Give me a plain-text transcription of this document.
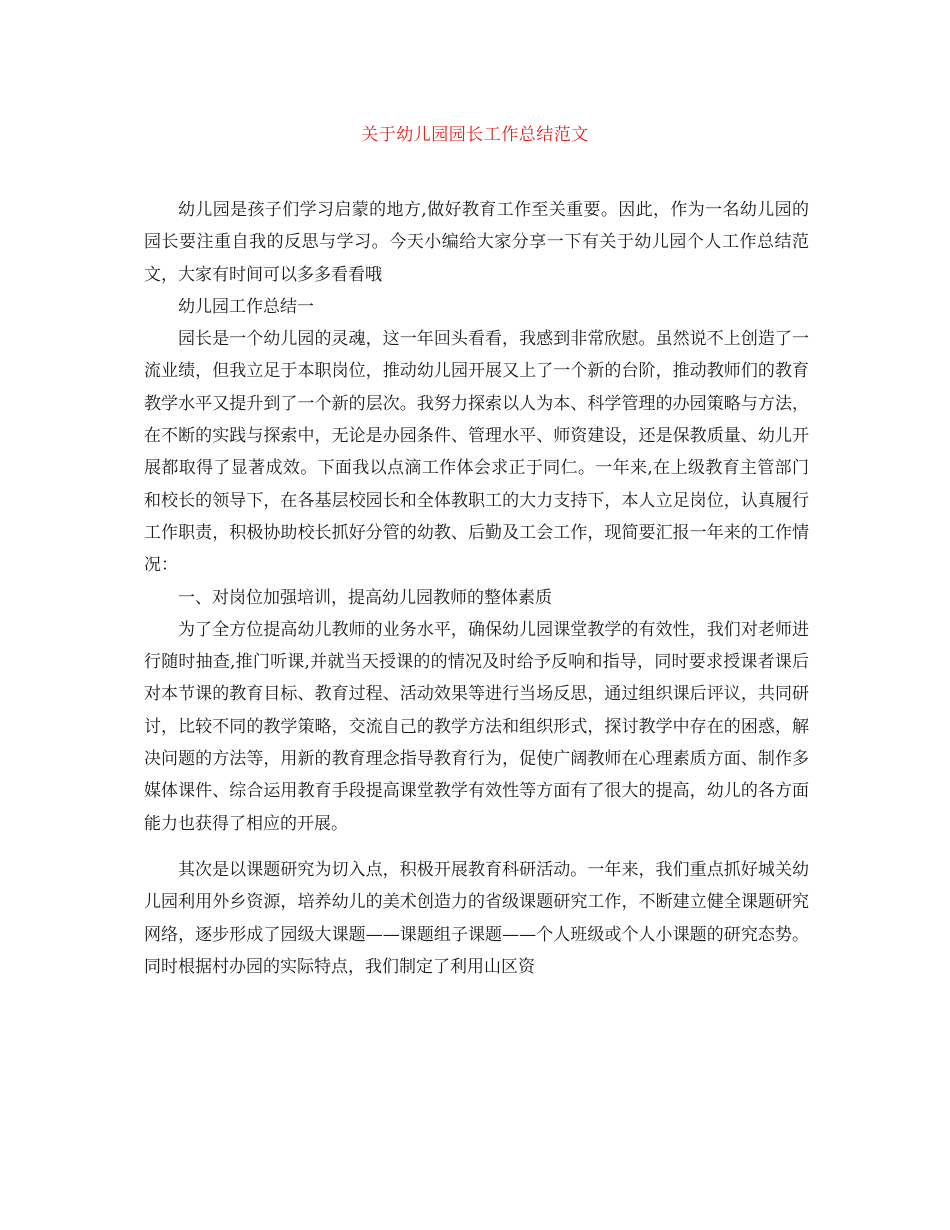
关于幼儿园园长工作总结范文

幼儿园是孩子们学习启蒙的地方,做好教育工作至关重要。因此，作为一名幼儿园的园长要注重自我的反思与学习。今天小编给大家分享一下有关于幼儿园个人工作总结范文，大家有时间可以多多看看哦

幼儿园工作总结一

园长是一个幼儿园的灵魂，这一年回头看看，我感到非常欣慰。虽然说不上创造了一流业绩，但我立足于本职岗位，推动幼儿园开展又上了一个新的台阶，推动教师们的教育教学水平又提升到了一个新的层次。我努力探索以人为本、科学管理的办园策略与方法，在不断的实践与探索中，无论是办园条件、管理水平、师资建设，还是保教质量、幼儿开展都取得了显著成效。下面我以点滴工作体会求正于同仁。一年来,在上级教育主管部门和校长的领导下，在各基层校园长和全体教职工的大力支持下，本人立足岗位，认真履行工作职责，积极协助校长抓好分管的幼教、后勤及工会工作，现简要汇报一年来的工作情况：

一、对岗位加强培训，提高幼儿园教师的整体素质

为了全方位提高幼儿教师的业务水平，确保幼儿园课堂教学的有效性，我们对老师进行随时抽查,推门听课,并就当天授课的的情况及时给予反响和指导，同时要求授课者课后对本节课的教育目标、教育过程、活动效果等进行当场反思，通过组织课后评议，共同研讨，比较不同的教学策略，交流自己的教学方法和组织形式，探讨教学中存在的困惑，解决问题的方法等，用新的教育理念指导教育行为，促使广阔教师在心理素质方面、制作多媒体课件、综合运用教育手段提高课堂教学有效性等方面有了很大的提高，幼儿的各方面能力也获得了相应的开展。

其次是以课题研究为切入点，积极开展教育科研活动。一年来，我们重点抓好城关幼儿园利用外乡资源，培养幼儿的美术创造力的省级课题研究工作，不断建立健全课题研究网络，逐步形成了园级大课题——课题组子课题——个人班级或个人小课题的研究态势。同时根据村办园的实际特点，我们制定了利用山区资
